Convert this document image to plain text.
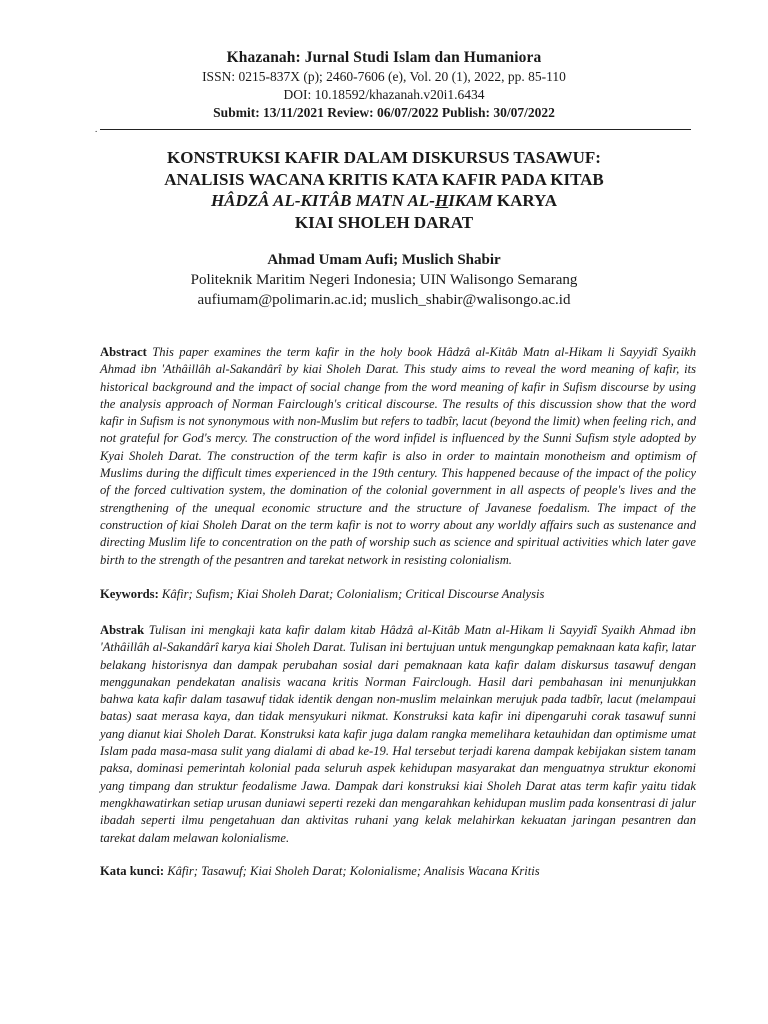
Khazanah: Jurnal Studi Islam dan Humaniora
ISSN: 0215-837X (p); 2460-7606 (e), Vol. 20 (1), 2022, pp. 85-110
DOI: 10.18592/khazanah.v20i1.6434
Submit: 13/11/2021 Review: 06/07/2022 Publish: 30/07/2022
.
KONSTRUKSI KAFIR DALAM DISKURSUS TASAWUF:
ANALISIS WACANA KRITIS KATA KAFIR PADA KITAB
HÂDZÂ AL-KITÂB MATN AL-HIKAM KARYA
KIAI SHOLEH DARAT
Ahmad Umam Aufi; Muslich Shabir
Politeknik Maritim Negeri Indonesia; UIN Walisongo Semarang
aufiumam@polimarin.ac.id; muslich_shabir@walisongo.ac.id
Abstract This paper examines the term kafir in the holy book Hâdzâ al-Kitâb Matn al-Hikam li Sayyidî Syaikh Ahmad ibn 'Athâillâh al-Sakandârî by kiai Sholeh Darat. This study aims to reveal the word meaning of kafir, its historical background and the impact of social change from the word meaning of kafir in Sufism discourse by using the analysis approach of Norman Fairclough's critical discourse. The results of this discussion show that the word kafir in Sufism is not synonymous with non-Muslim but refers to tadbîr, lacut (beyond the limit) when feeling rich, and not grateful for God's mercy. The construction of the word infidel is influenced by the Sunni Sufism style adopted by Kyai Sholeh Darat. The construction of the term kafir is also in order to maintain monotheism and optimism of Muslims during the difficult times experienced in the 19th century. This happened because of the impact of the policy of the forced cultivation system, the domination of the colonial government in all aspects of people's lives and the strengthening of the unequal economic structure and the structure of Javanese foedalism. The impact of the construction of kiai Sholeh Darat on the term kafir is not to worry about any worldly affairs such as sustenance and directing Muslim life to concentration on the path of worship such as science and spiritual activities which later gave birth to the strength of the pesantren and tarekat network in resisting colonialism.
Keywords: Kâfir; Sufism; Kiai Sholeh Darat; Colonialism; Critical Discourse Analysis
Abstrak Tulisan ini mengkaji kata kafir dalam kitab Hâdzâ al-Kitâb Matn al-Hikam li Sayyidî Syaikh Ahmad ibn 'Athâillâh al-Sakandârî karya kiai Sholeh Darat. Tulisan ini bertujuan untuk mengungkap pemaknaan kata kafir, latar belakang historisnya dan dampak perubahan sosial dari pemaknaan kata kafir dalam diskursus tasawuf dengan menggunakan pendekatan analisis wacana kritis Norman Fairclough. Hasil dari pembahasan ini menunjukkan bahwa kata kafir dalam tasawuf tidak identik dengan non-muslim melainkan merujuk pada tadbîr, lacut (melampaui batas) saat merasa kaya, dan tidak mensyukuri nikmat. Konstruksi kata kafir ini dipengaruhi corak tasawuf sunni yang dianut kiai Sholeh Darat. Konstruksi kata kafir juga dalam rangka memelihara ketauhidan dan optimisme umat Islam pada masa-masa sulit yang dialami di abad ke-19. Hal tersebut terjadi karena dampak kebijakan sistem tanam paksa, dominasi pemerintah kolonial pada seluruh aspek kehidupan masyarakat dan menguatnya struktur ekonomi yang timpang dan struktur feodalisme Jawa. Dampak dari konstruksi kiai Sholeh Darat atas term kafir yaitu tidak mengkhawatirkan setiap urusan duniawi seperti rezeki dan mengarahkan kehidupan muslim pada konsentrasi di jalur ibadah seperti ilmu pengetahuan dan aktivitas ruhani yang kelak melahirkan kekuatan jaringan pesantren dan tarekat dalam melawan kolonialisme.
Kata kunci: Kâfir; Tasawuf; Kiai Sholeh Darat; Kolonialisme; Analisis Wacana Kritis
